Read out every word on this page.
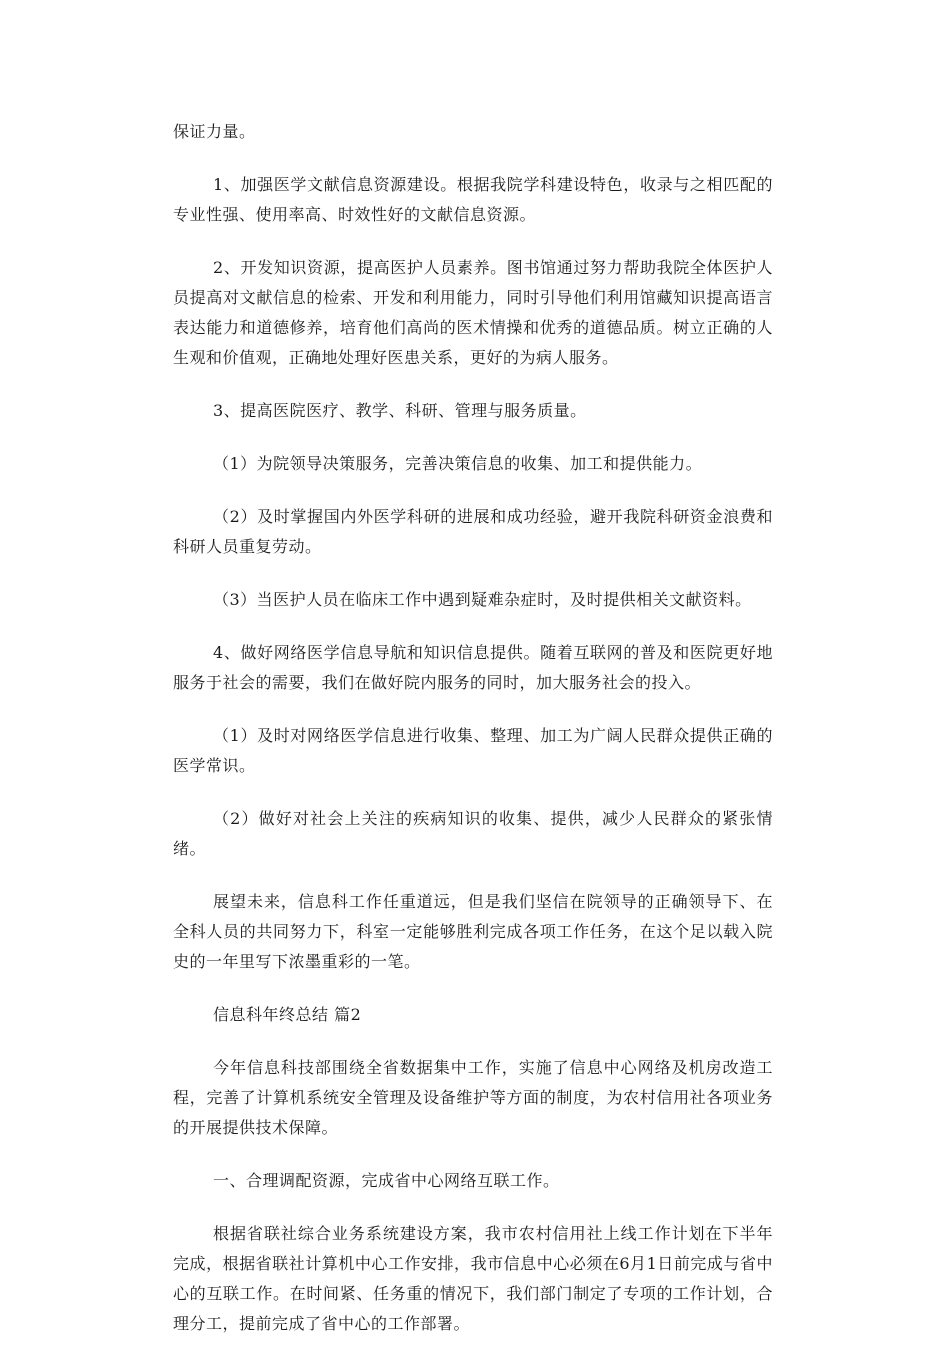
保证力量。

1、加强医学文献信息资源建设。根据我院学科建设特色，收录与之相匹配的专业性强、使用率高、时效性好的文献信息资源。

2、开发知识资源，提高医护人员素养。图书馆通过努力帮助我院全体医护人员提高对文献信息的检索、开发和利用能力，同时引导他们利用馆藏知识提高语言表达能力和道德修养，培育他们高尚的医术情操和优秀的道德品质。树立正确的人生观和价值观，正确地处理好医患关系，更好的为病人服务。

3、提高医院医疗、教学、科研、管理与服务质量。

（1）为院领导决策服务，完善决策信息的收集、加工和提供能力。

（2）及时掌握国内外医学科研的进展和成功经验，避开我院科研资金浪费和科研人员重复劳动。

（3）当医护人员在临床工作中遇到疑难杂症时，及时提供相关文献资料。

4、做好网络医学信息导航和知识信息提供。随着互联网的普及和医院更好地服务于社会的需要，我们在做好院内服务的同时，加大服务社会的投入。

（1）及时对网络医学信息进行收集、整理、加工为广阔人民群众提供正确的医学常识。

（2）做好对社会上关注的疾病知识的收集、提供，减少人民群众的紧张情绪。

展望未来，信息科工作任重道远，但是我们坚信在院领导的正确领导下、在全科人员的共同努力下，科室一定能够胜利完成各项工作任务，在这个足以载入院史的一年里写下浓墨重彩的一笔。

信息科年终总结 篇2

今年信息科技部围绕全省数据集中工作，实施了信息中心网络及机房改造工程，完善了计算机系统安全管理及设备维护等方面的制度，为农村信用社各项业务的开展提供技术保障。

一、合理调配资源，完成省中心网络互联工作。

根据省联社综合业务系统建设方案，我市农村信用社上线工作计划在下半年完成，根据省联社计算机中心工作安排，我市信息中心必须在6月1日前完成与省中心的互联工作。在时间紧、任务重的情况下，我们部门制定了专项的工作计划，合理分工，提前完成了省中心的工作部署。
